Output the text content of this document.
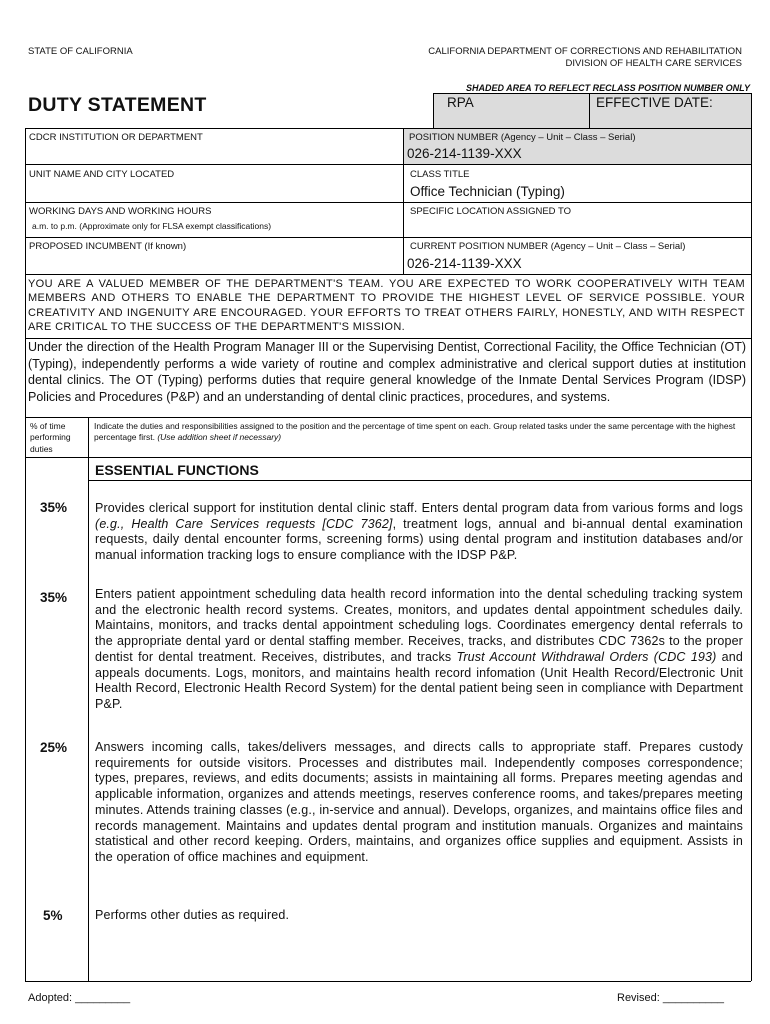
STATE OF CALIFORNIA	CALIFORNIA DEPARTMENT OF CORRECTIONS AND REHABILITATION
DIVISION OF HEALTH CARE SERVICES
SHADED AREA TO REFLECT RECLASS POSITION NUMBER ONLY
DUTY STATEMENT	RPA	EFFECTIVE DATE:
CDCR INSTITUTION OR DEPARTMENT	POSITION NUMBER (Agency – Unit – Class – Serial)
026-214-1139-XXX
UNIT NAME AND CITY LOCATED	CLASS TITLE
Office Technician (Typing)
WORKING DAYS AND WORKING HOURS
a.m. to p.m. (Approximate only for FLSA exempt classifications)
SPECIFIC LOCATION ASSIGNED TO
PROPOSED INCUMBENT (If known)	CURRENT POSITION NUMBER (Agency – Unit – Class – Serial)
026-214-1139-XXX
YOU ARE A VALUED MEMBER OF THE DEPARTMENT'S TEAM. YOU ARE EXPECTED TO WORK COOPERATIVELY WITH TEAM MEMBERS AND OTHERS TO ENABLE THE DEPARTMENT TO PROVIDE THE HIGHEST LEVEL OF SERVICE POSSIBLE. YOUR CREATIVITY AND INGENUITY ARE ENCOURAGED. YOUR EFFORTS TO TREAT OTHERS FAIRLY, HONESTLY, AND WITH RESPECT ARE CRITICAL TO THE SUCCESS OF THE DEPARTMENT'S MISSION.
Under the direction of the Health Program Manager III or the Supervising Dentist, Correctional Facility, the Office Technician (OT) (Typing), independently performs a wide variety of routine and complex administrative and clerical support duties at institution dental clinics. The OT (Typing) performs duties that require general knowledge of the Inmate Dental Services Program (IDSP) Policies and Procedures (P&P) and an understanding of dental clinic practices, procedures, and systems.
% of time performing duties
Indicate the duties and responsibilities assigned to the position and the percentage of time spent on each. Group related tasks under the same percentage with the highest percentage first. (Use addition sheet if necessary)
ESSENTIAL FUNCTIONS
35% Provides clerical support for institution dental clinic staff. Enters dental program data from various forms and logs (e.g., Health Care Services requests [CDC 7362], treatment logs, annual and bi-annual dental examination requests, daily dental encounter forms, screening forms) using dental program and institution databases and/or manual information tracking logs to ensure compliance with the IDSP P&P.
35% Enters patient appointment scheduling data health record information into the dental scheduling tracking system and the electronic health record systems. Creates, monitors, and updates dental appointment schedules daily. Maintains, monitors, and tracks dental appointment scheduling logs. Coordinates emergency dental referrals to the appropriate dental yard or dental staffing member. Receives, tracks, and distributes CDC 7362s to the proper dentist for dental treatment. Receives, distributes, and tracks Trust Account Withdrawal Orders (CDC 193) and appeals documents. Logs, monitors, and maintains health record infomation (Unit Health Record/Electronic Unit Health Record, Electronic Health Record System) for the dental patient being seen in compliance with Department P&P.
25% Answers incoming calls, takes/delivers messages, and directs calls to appropriate staff. Prepares custody requirements for outside visitors. Processes and distributes mail. Independently composes correspondence; types, prepares, reviews, and edits documents; assists in maintaining all forms. Prepares meeting agendas and applicable information, organizes and attends meetings, reserves conference rooms, and takes/prepares meeting minutes. Attends training classes (e.g., in-service and annual). Develops, organizes, and maintains office files and records management. Maintains and updates dental program and institution manuals. Organizes and maintains statistical and other record keeping. Orders, maintains, and organizes office supplies and equipment. Assists in the operation of office machines and equipment.
5%	Performs other duties as required.
Adopted: _________	Revised: __________
